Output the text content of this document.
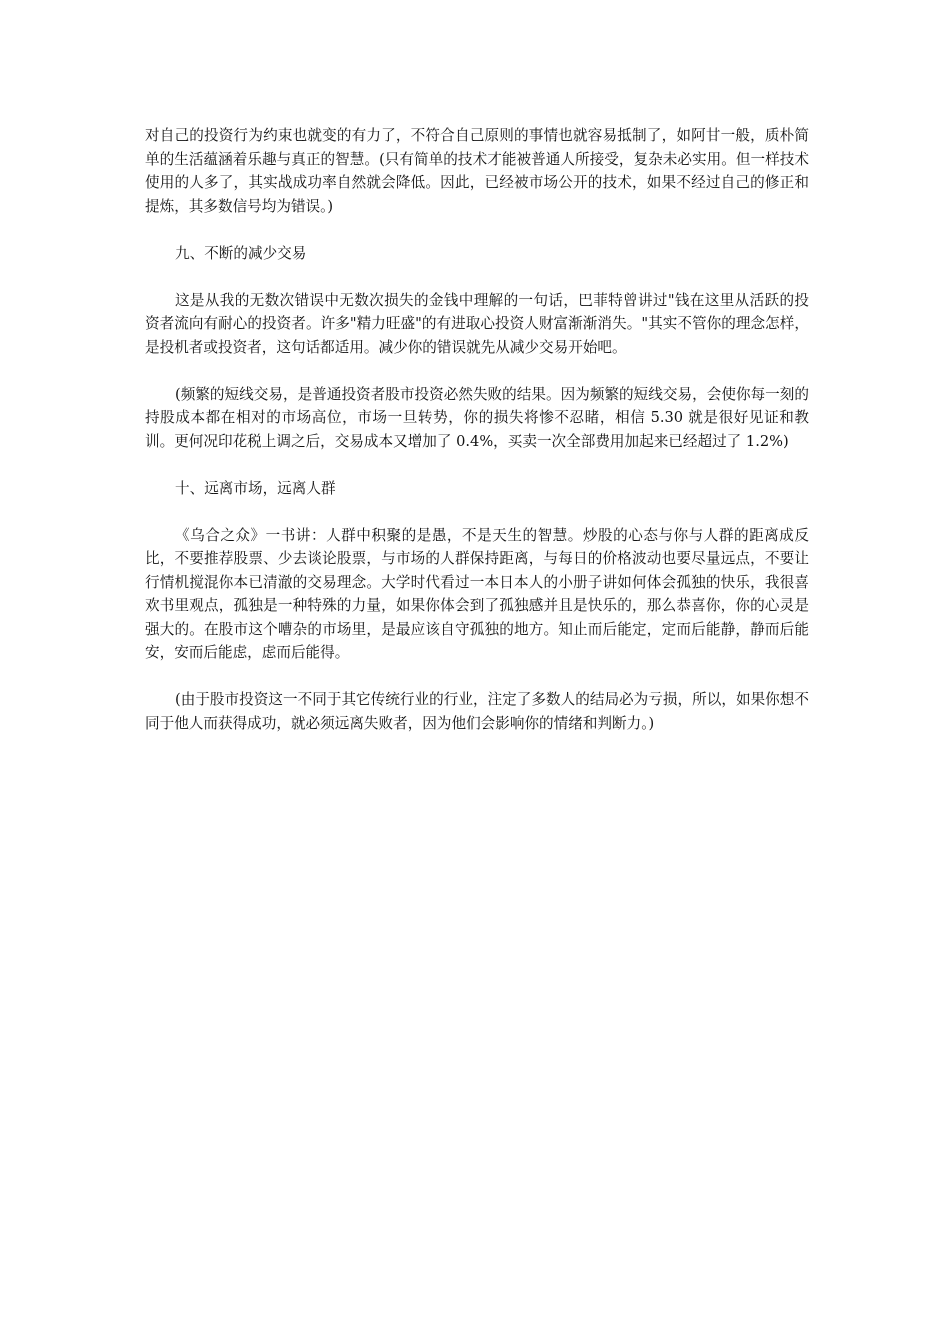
对自己的投资行为约束也就变的有力了，不符合自己原则的事情也就容易抵制了，如阿甘一般，质朴简单的生活蕴涵着乐趣与真正的智慧。(只有简单的技术才能被普通人所接受，复杂未必实用。但一样技术使用的人多了，其实战成功率自然就会降低。因此，已经被市场公开的技术，如果不经过自己的修正和提炼，其多数信号均为错误。)

九、不断的减少交易

这是从我的无数次错误中无数次损失的金钱中理解的一句话，巴菲特曾讲过"钱在这里从活跃的投资者流向有耐心的投资者。许多"精力旺盛"的有进取心投资人财富渐渐消失。"其实不管你的理念怎样，是投机者或投资者，这句话都适用。减少你的错误就先从减少交易开始吧。

(频繁的短线交易，是普通投资者股市投资必然失败的结果。因为频繁的短线交易，会使你每一刻的持股成本都在相对的市场高位，市场一旦转势，你的损失将惨不忍睹，相信 5.30 就是很好见证和教训。更何况印花税上调之后，交易成本又增加了 0.4%，买卖一次全部费用加起来已经超过了 1.2%)

十、远离市场，远离人群

《乌合之众》一书讲：人群中积聚的是愚，不是天生的智慧。炒股的心态与你与人群的距离成反比，不要推荐股票、少去谈论股票，与市场的人群保持距离，与每日的价格波动也要尽量远点，不要让行情机搅混你本已清澈的交易理念。大学时代看过一本日本人的小册子讲如何体会孤独的快乐，我很喜欢书里观点，孤独是一种特殊的力量，如果你体会到了孤独感并且是快乐的，那么恭喜你，你的心灵是强大的。在股市这个嘈杂的市场里，是最应该自守孤独的地方。知止而后能定，定而后能静，静而后能安，安而后能虑，虑而后能得。

(由于股市投资这一不同于其它传统行业的行业，注定了多数人的结局必为亏损，所以，如果你想不同于他人而获得成功，就必须远离失败者，因为他们会影响你的情绪和判断力。)
